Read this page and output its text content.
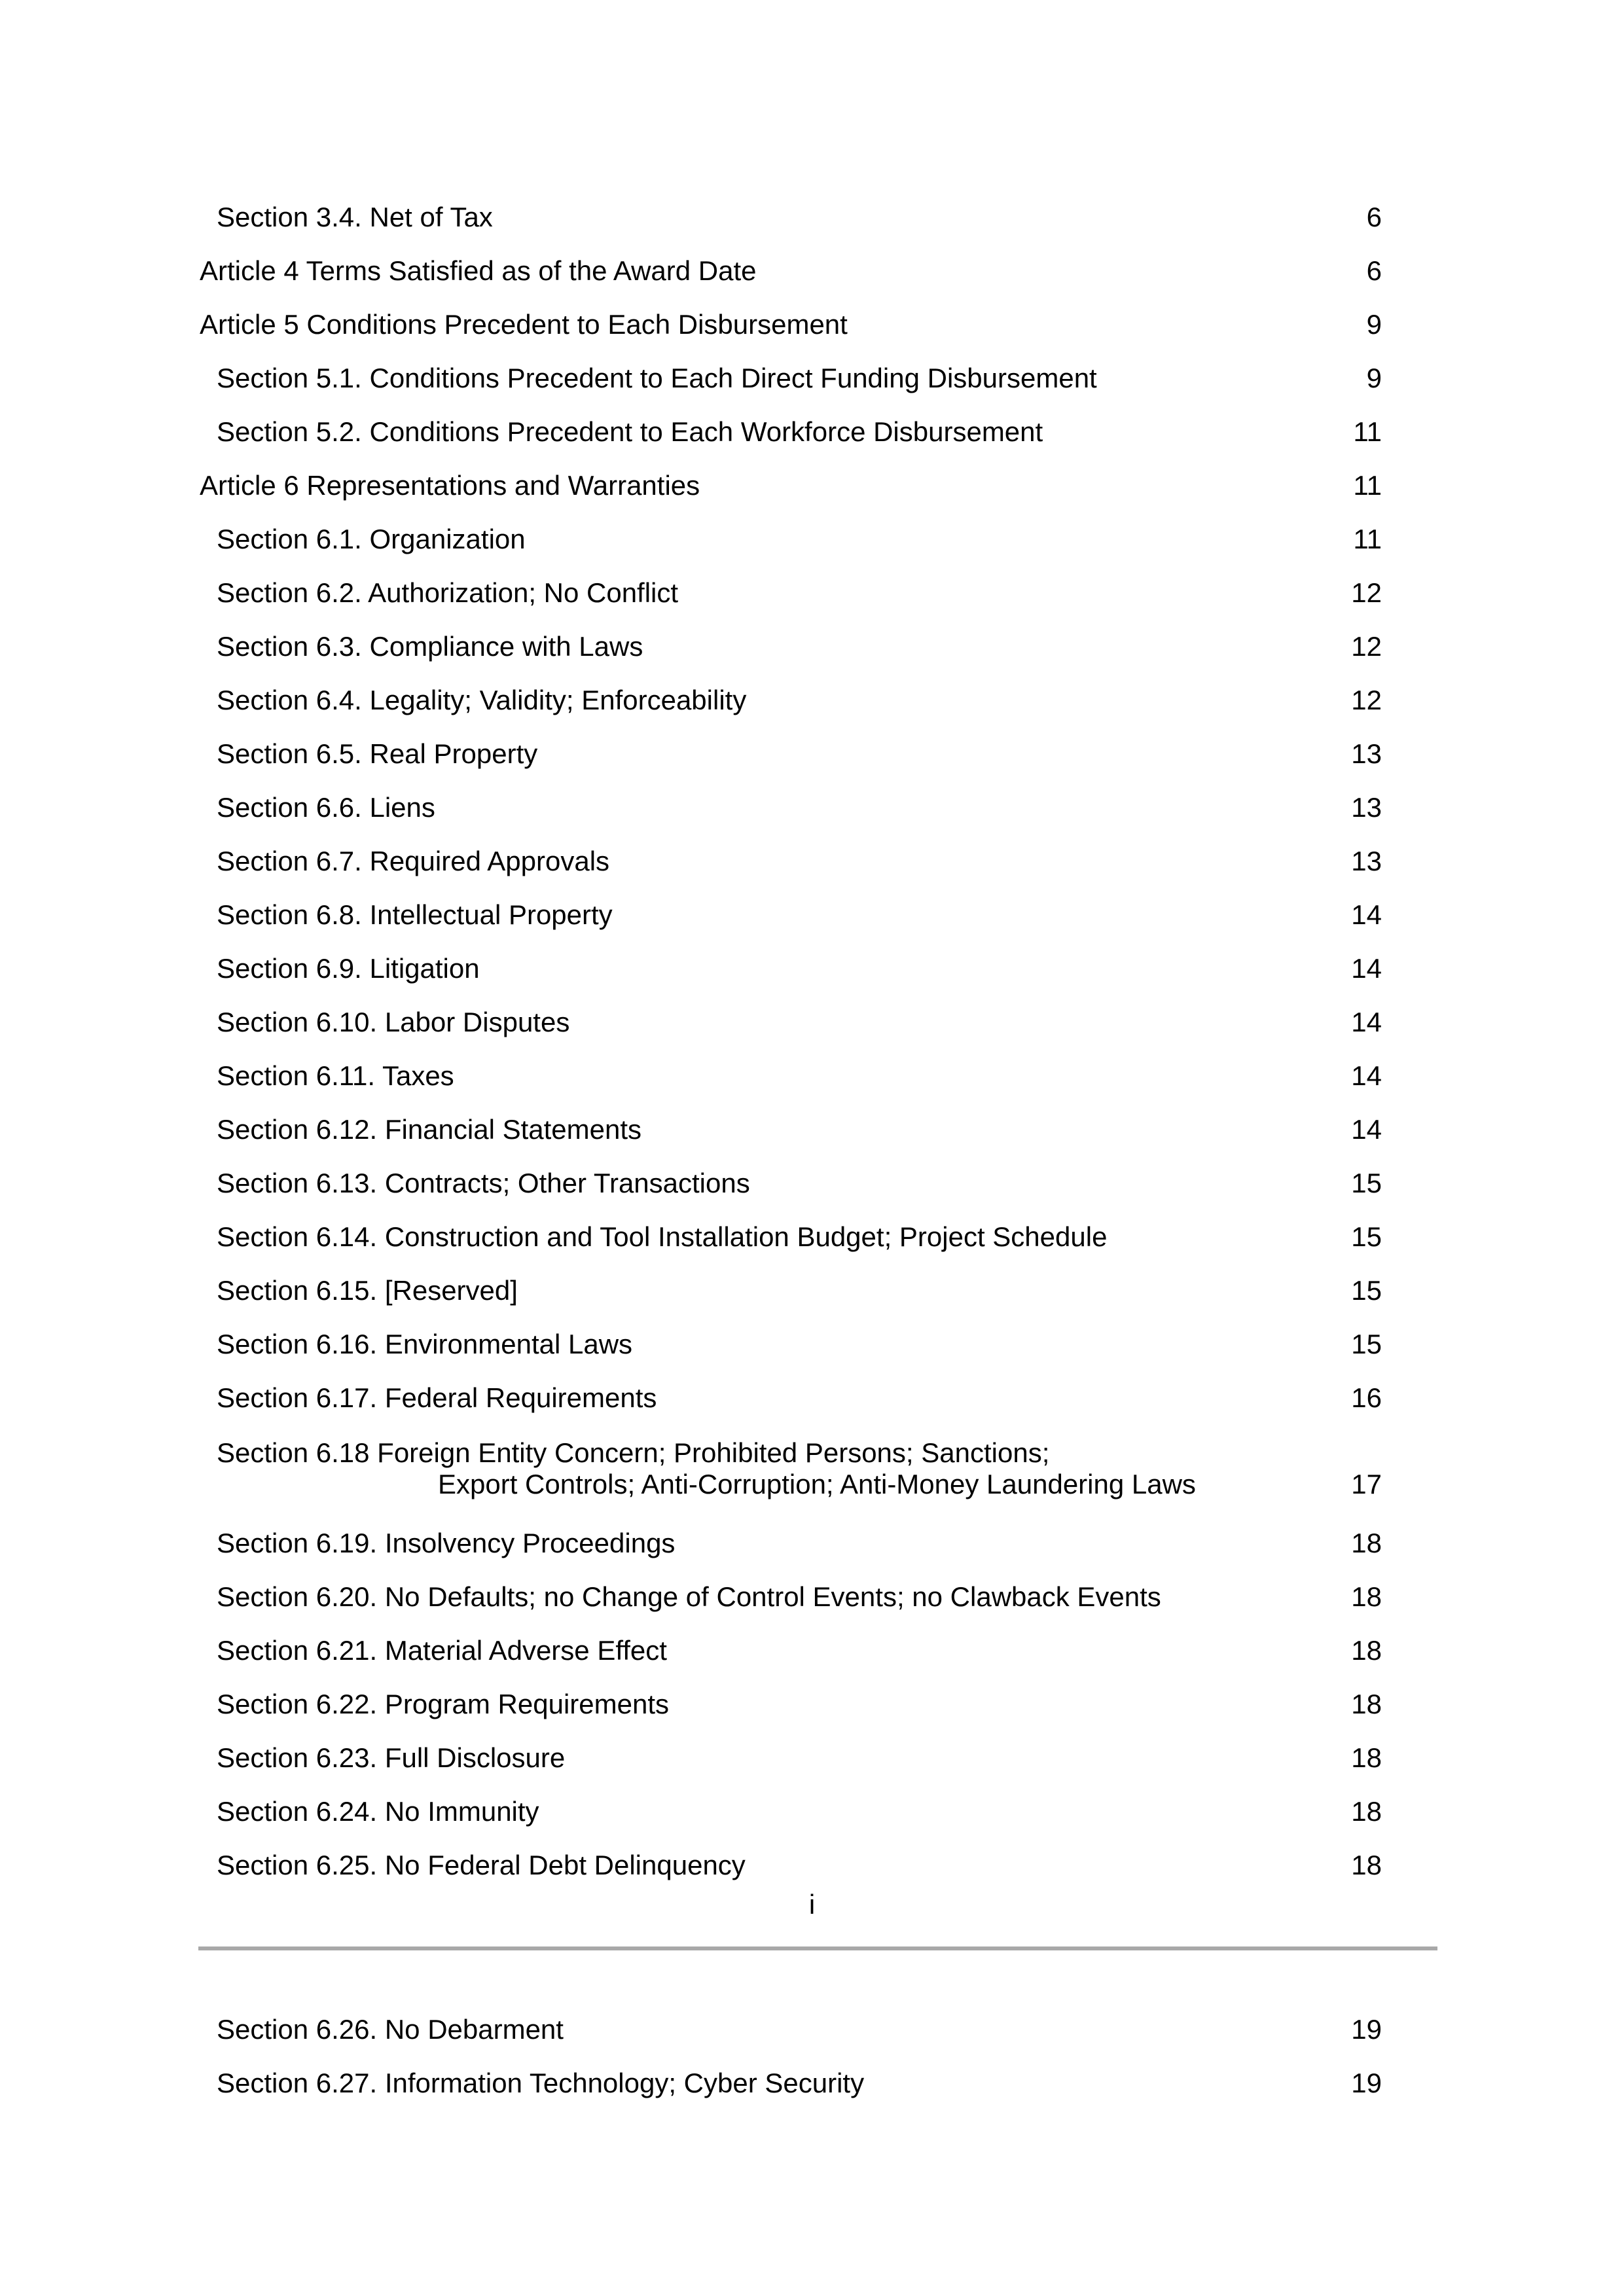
Section 3.4. Net of Tax	6
Article 4 Terms Satisfied as of the Award Date	6
Article 5 Conditions Precedent to Each Disbursement	9
Section 5.1. Conditions Precedent to Each Direct Funding Disbursement	9
Section 5.2. Conditions Precedent to Each Workforce Disbursement	11
Article 6 Representations and Warranties	11
Section 6.1. Organization	11
Section 6.2. Authorization; No Conflict	12
Section 6.3. Compliance with Laws	12
Section 6.4. Legality; Validity; Enforceability	12
Section 6.5. Real Property	13
Section 6.6. Liens	13
Section 6.7. Required Approvals	13
Section 6.8. Intellectual Property	14
Section 6.9. Litigation	14
Section 6.10. Labor Disputes	14
Section 6.11. Taxes	14
Section 6.12. Financial Statements	14
Section 6.13. Contracts; Other Transactions	15
Section 6.14. Construction and Tool Installation Budget; Project Schedule	15
Section 6.15. [Reserved]	15
Section 6.16. Environmental Laws	15
Section 6.17. Federal Requirements	16
Section 6.18 Foreign Entity Concern; Prohibited Persons; Sanctions;
Export Controls; Anti-Corruption; Anti-Money Laundering Laws	17
Section 6.19. Insolvency Proceedings	18
Section 6.20. No Defaults; no Change of Control Events; no Clawback Events	18
Section 6.21. Material Adverse Effect	18
Section 6.22. Program Requirements	18
Section 6.23. Full Disclosure	18
Section 6.24. No Immunity	18
Section 6.25. No Federal Debt Delinquency	18
i
Section 6.26. No Debarment	19
Section 6.27. Information Technology; Cyber Security	19
